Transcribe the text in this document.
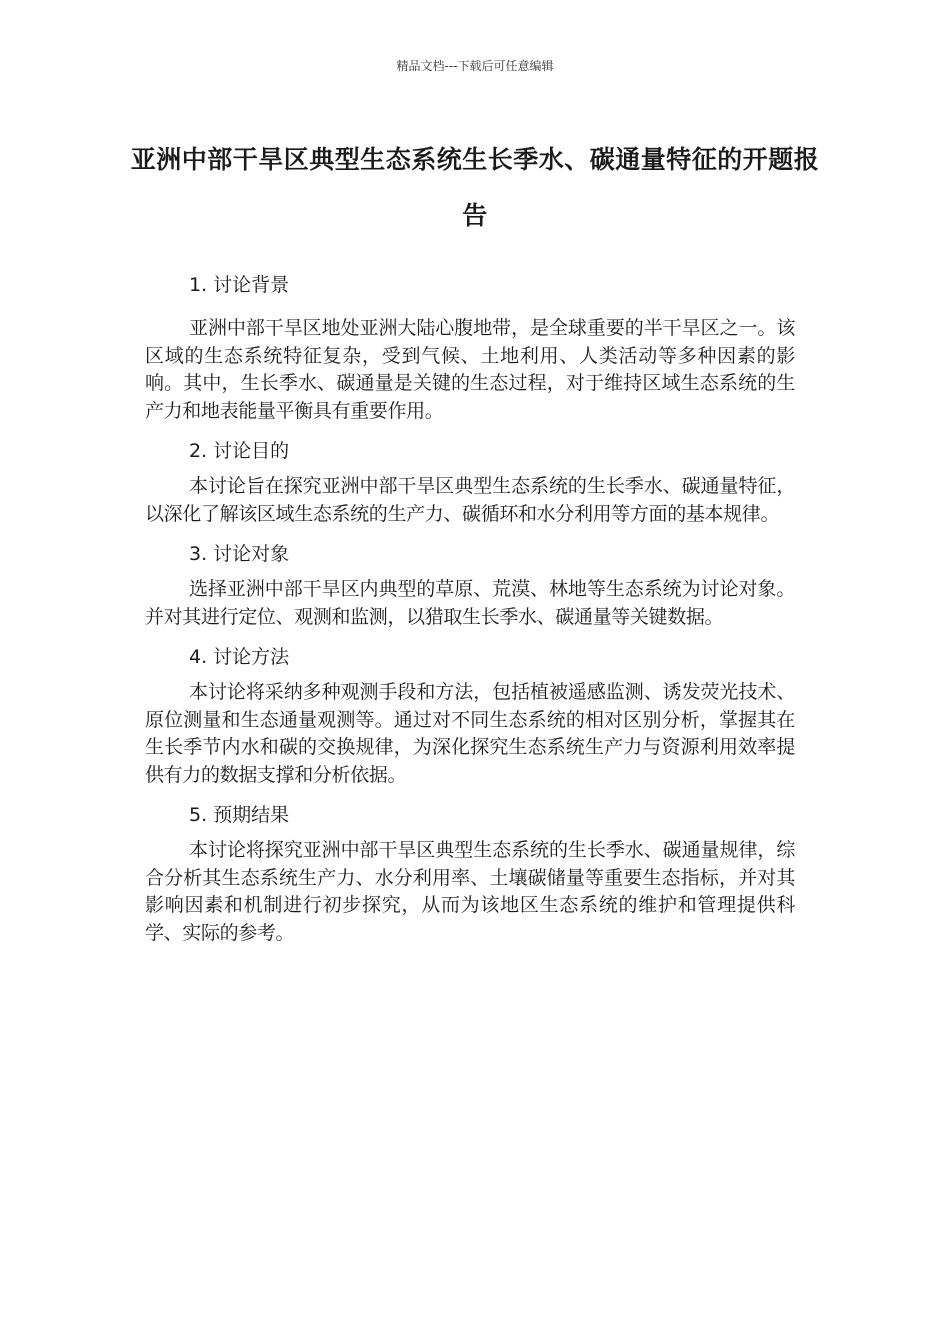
精品文档---下载后可任意编辑
亚洲中部干旱区典型生态系统生长季水、碳通量特征的开题报告

1. 讨论背景

亚洲中部干旱区地处亚洲大陆心腹地带，是全球重要的半干旱区之一。该区域的生态系统特征复杂，受到气候、土地利用、人类活动等多种因素的影响。其中，生长季水、碳通量是关键的生态过程，对于维持区域生态系统的生产力和地表能量平衡具有重要作用。

2. 讨论目的

本讨论旨在探究亚洲中部干旱区典型生态系统的生长季水、碳通量特征，以深化了解该区域生态系统的生产力、碳循环和水分利用等方面的基本规律。

3. 讨论对象

选择亚洲中部干旱区内典型的草原、荒漠、林地等生态系统为讨论对象。并对其进行定位、观测和监测，以猎取生长季水、碳通量等关键数据。

4. 讨论方法

本讨论将采纳多种观测手段和方法，包括植被遥感监测、诱发荧光技术、原位测量和生态通量观测等。通过对不同生态系统的相对区别分析，掌握其在生长季节内水和碳的交换规律，为深化探究生态系统生产力与资源利用效率提供有力的数据支撑和分析依据。

5. 预期结果

本讨论将探究亚洲中部干旱区典型生态系统的生长季水、碳通量规律，综合分析其生态系统生产力、水分利用率、土壤碳储量等重要生态指标，并对其影响因素和机制进行初步探究，从而为该地区生态系统的维护和管理提供科学、实际的参考。
